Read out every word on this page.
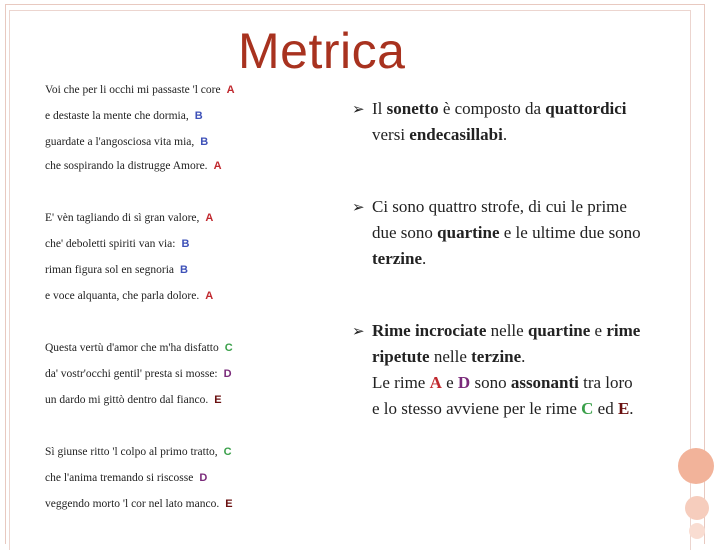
Metrica
Voi che per li occhi mi passaste 'l core A
e destaste la mente che dormia, B
guardate a l'angosciosa vita mia, B
che sospirando la distrugge Amore. A
E' vèn tagliando di sì gran valore, A
che' deboletti spiriti van via: B
riman figura sol en segnoria B
e voce alquanta, che parla dolore. A
Questa vertù d'amor che m'ha disfatto C
da' vostr'occhi gentil' presta si mosse: D
un dardo mi gittò dentro dal fianco. E
Sì giunse ritto 'l colpo al primo tratto, C
che l'anima tremando si riscosse D
veggendo morto 'l cor nel lato manco. E
➢ Il sonetto è composto da quattordici versi endecasillabi.
➢ Ci sono quattro strofe, di cui le prime due sono quartine e le ultime due sono terzine.
➢ Rime incrociate nelle quartine e rime ripetute nelle terzine.
Le rime A e D sono assonanti tra loro e lo stesso avviene per le rime C ed E.
